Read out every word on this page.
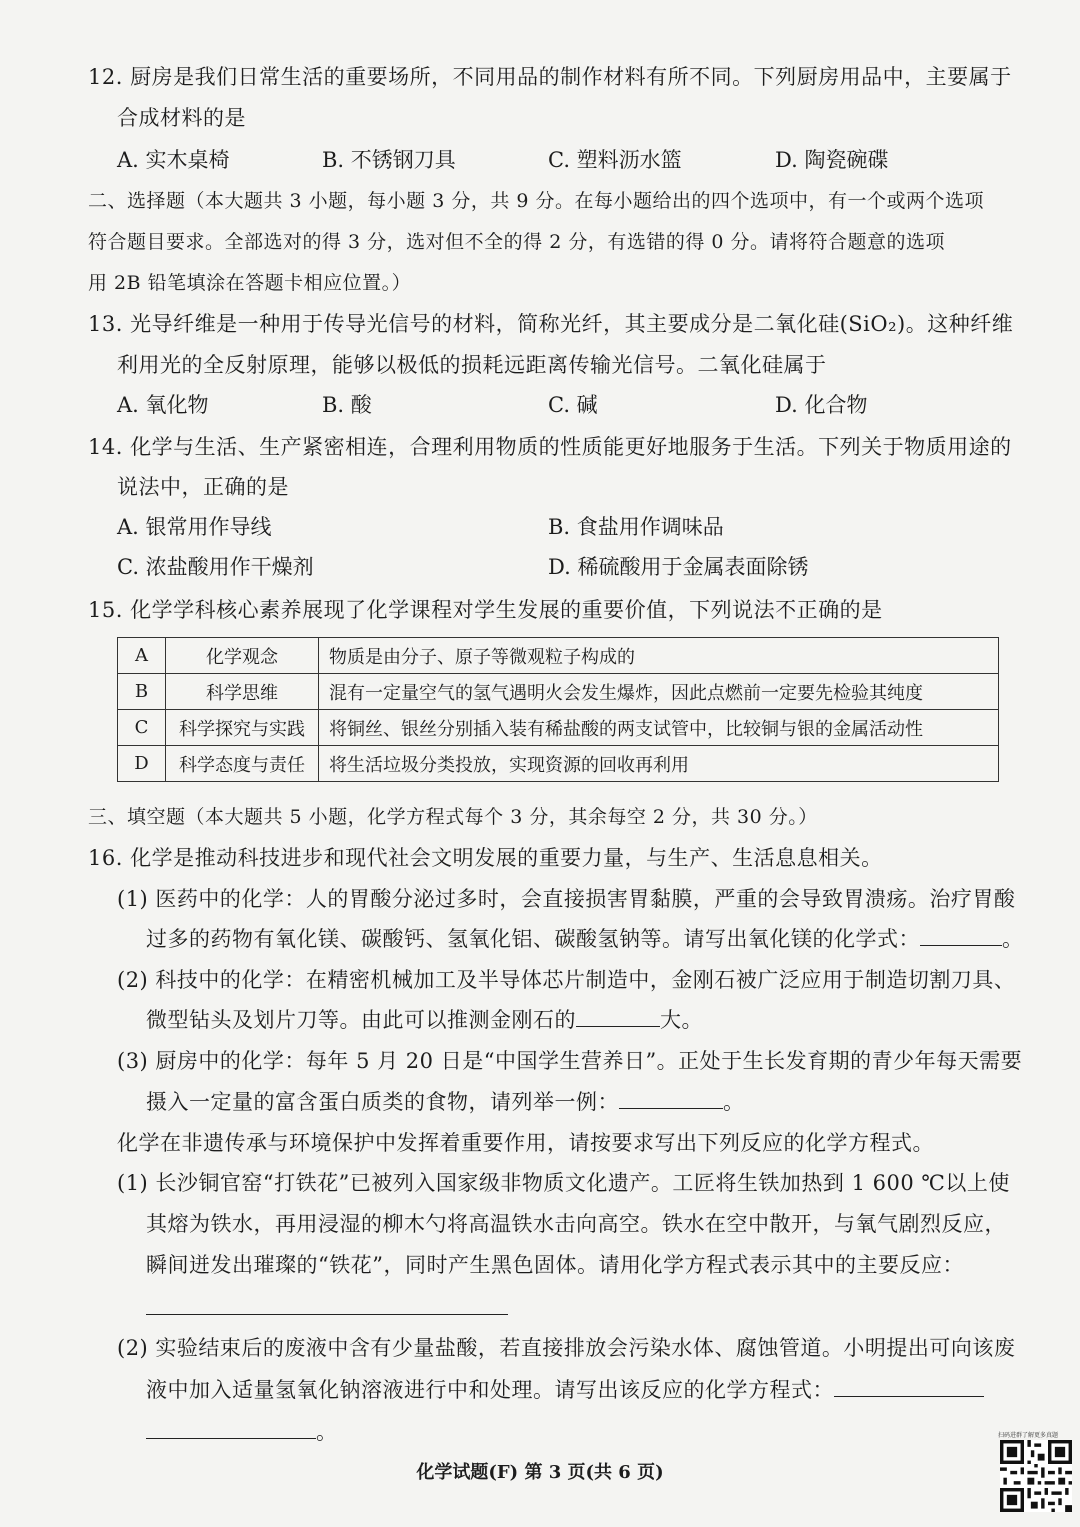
12. 厨房是我们日常生活的重要场所，不同用品的制作材料有所不同。下列厨房用品中，主要属于
合成材料的是
A. 实木桌椅	B. 不锈钢刀具	C. 塑料沥水篮	D. 陶瓷碗碟
二、选择题（本大题共 3 小题，每小题 3 分，共 9 分。在每小题给出的四个选项中，有一个或两个选项
符合题目要求。全部选对的得 3 分，选对但不全的得 2 分，有选错的得 0 分。请将符合题意的选项
用 2B 铅笔填涂在答题卡相应位置。）
13. 光导纤维是一种用于传导光信号的材料，简称光纤，其主要成分是二氧化硅(SiO₂)。这种纤维
利用光的全反射原理，能够以极低的损耗远距离传输光信号。二氧化硅属于
A. 氧化物	B. 酸	C. 碱	D. 化合物
14. 化学与生活、生产紧密相连，合理利用物质的性质能更好地服务于生活。下列关于物质用途的
说法中，正确的是
A. 银常用作导线	B. 食盐用作调味品
C. 浓盐酸用作干燥剂	D. 稀硫酸用于金属表面除锈
15. 化学学科核心素养展现了化学课程对学生发展的重要价值，下列说法不正确的是
A	化学观念	物质是由分子、原子等微观粒子构成的
B	科学思维	混有一定量空气的氢气遇明火会发生爆炸，因此点燃前一定要先检验其纯度
C	科学探究与实践	将铜丝、银丝分别插入装有稀盐酸的两支试管中，比较铜与银的金属活动性
D	科学态度与责任	将生活垃圾分类投放，实现资源的回收再利用
三、填空题（本大题共 5 小题，化学方程式每个 3 分，其余每空 2 分，共 30 分。）
16. 化学是推动科技进步和现代社会文明发展的重要力量，与生产、生活息息相关。
(1) 医药中的化学：人的胃酸分泌过多时，会直接损害胃黏膜，严重的会导致胃溃疡。治疗胃酸
过多的药物有氧化镁、碳酸钙、氢氧化铝、碳酸氢钠等。请写出氧化镁的化学式：	。
(2) 科技中的化学：在精密机械加工及半导体芯片制造中，金刚石被广泛应用于制造切割刀具、
微型钻头及划片刀等。由此可以推测金刚石的	大。
(3) 厨房中的化学：每年 5 月 20 日是“中国学生营养日”。正处于生长发育期的青少年每天需要
摄入一定量的富含蛋白质类的食物，请列举一例：	。
化学在非遗传承与环境保护中发挥着重要作用，请按要求写出下列反应的化学方程式。
(1) 长沙铜官窑“打铁花”已被列入国家级非物质文化遗产。工匠将生铁加热到 1 600 ℃以上使
其熔为铁水，再用浸湿的柳木勺将高温铁水击向高空。铁水在空中散开，与氧气剧烈反应，
瞬间迸发出璀璨的“铁花”，同时产生黑色固体。请用化学方程式表示其中的主要反应：
(2) 实验结束后的废液中含有少量盐酸，若直接排放会污染水体、腐蚀管道。小明提出可向该废
液中加入适量氢氧化钠溶液进行中和处理。请写出该反应的化学方程式：
。
化学试题(F) 第 3 页(共 6 页)
扫码进群了解更多真题
